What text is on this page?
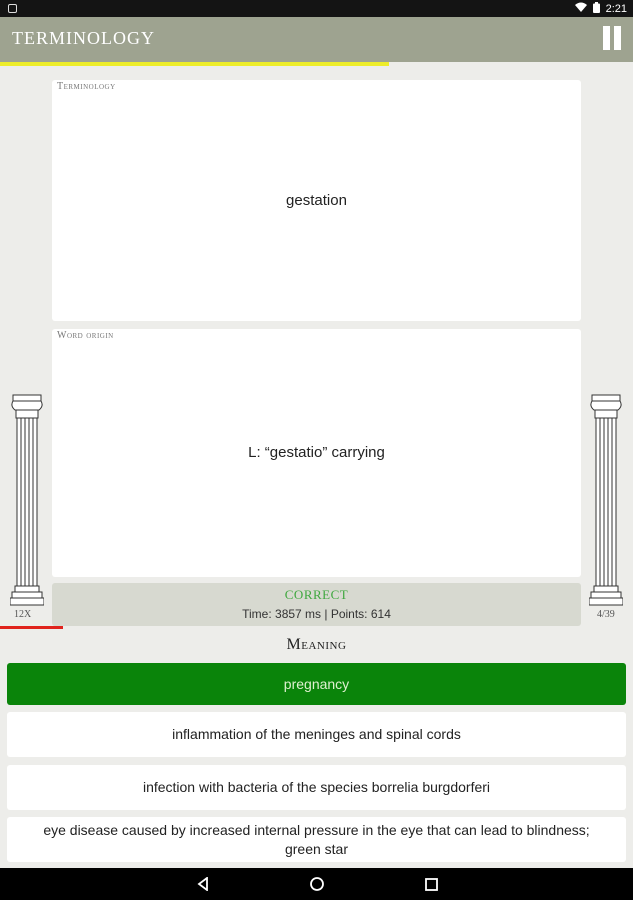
2:21
TERMINOLOGY
Terminology
gestation
Word origin
L: “gestatio” carrying
CORRECT
Time: 3857 ms | Points: 614
12X	4/39
Meaning
pregnancy
inflammation of the meninges and spinal cords
infection with bacteria of the species borrelia burgdorferi
eye disease caused by increased internal pressure in the eye that can lead to blindness; green star
